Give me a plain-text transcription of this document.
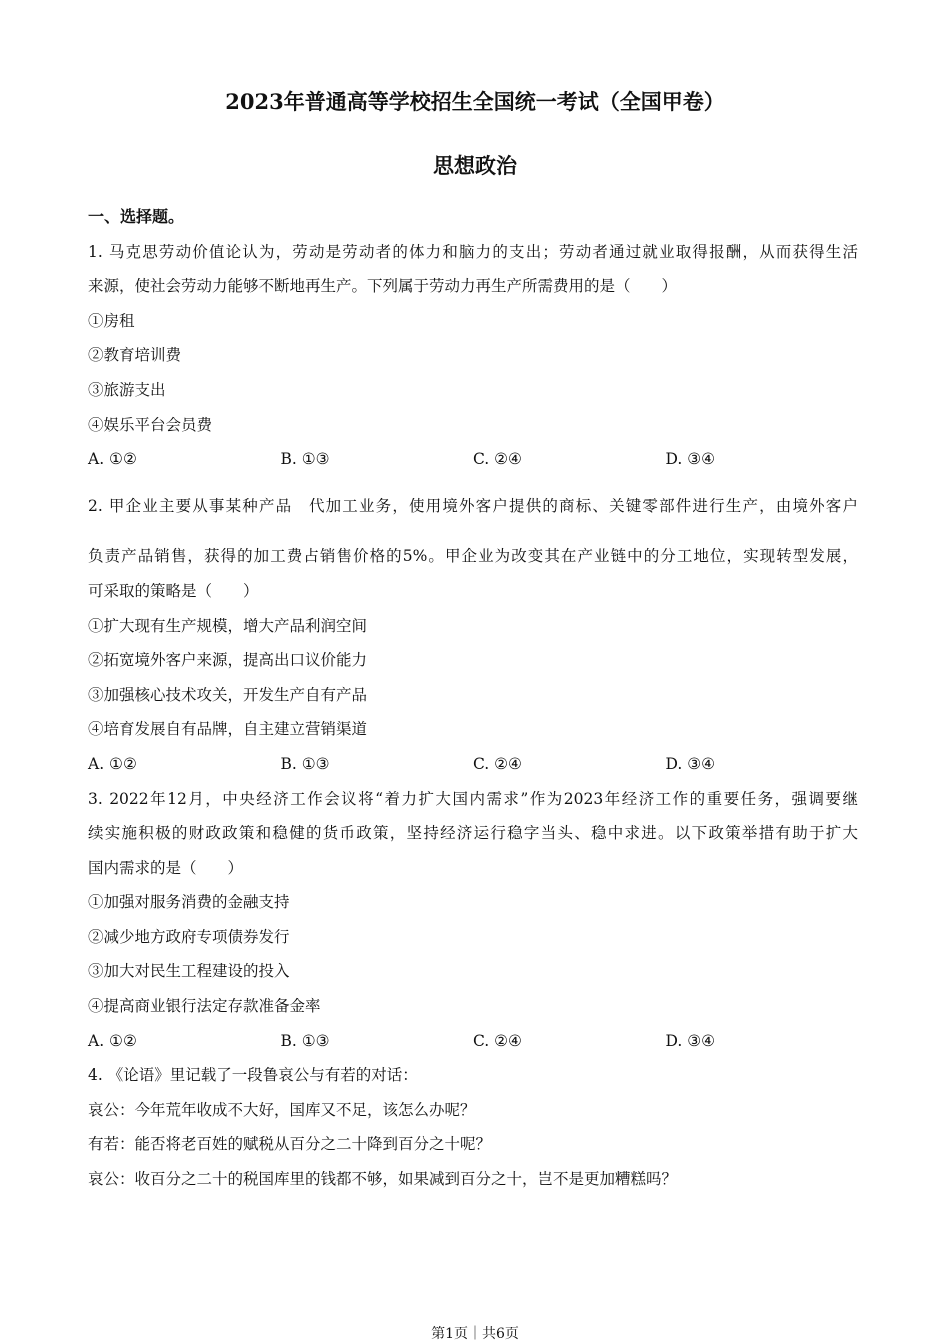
2023年普通高等学校招生全国统一考试（全国甲卷）
思想政治
一、选择题。
1. 马克思劳动价值论认为，劳动是劳动者的体力和脑力的支出；劳动者通过就业取得报酬，从而获得生活
来源，使社会劳动力能够不断地再生产。下列属于劳动力再生产所需费用的是（　　）
①房租
②教育培训费
③旅游支出
④娱乐平台会员费
A. ①②	B. ①③	C. ②④	D. ③④
2. 甲企业主要从事某种产品　代加工业务，使用境外客户提供的商标、关键零部件进行生产，由境外客户
负责产品销售，获得的加工费占销售价格的5%。甲企业为改变其在产业链中的分工地位，实现转型发展，
可采取的策略是（　　）
①扩大现有生产规模，增大产品利润空间
②拓宽境外客户来源，提高出口议价能力
③加强核心技术攻关，开发生产自有产品
④培育发展自有品牌，自主建立营销渠道
A. ①②	B. ①③	C. ②④	D. ③④
3. 2022年12月，中央经济工作会议将“着力扩大国内需求”作为2023年经济工作的重要任务，强调要继
续实施积极的财政政策和稳健的货币政策，坚持经济运行稳字当头、稳中求进。以下政策举措有助于扩大
国内需求的是（　　）
①加强对服务消费的金融支持
②减少地方政府专项债券发行
③加大对民生工程建设的投入
④提高商业银行法定存款准备金率
A. ①②	B. ①③	C. ②④	D. ③④
4. 《论语》里记载了一段鲁哀公与有若的对话：
哀公：今年荒年收成不大好，国库又不足，该怎么办呢？
有若：能否将老百姓的赋税从百分之二十降到百分之十呢？
哀公：收百分之二十的税国库里的钱都不够，如果减到百分之十，岂不是更加糟糕吗？
第1页｜共6页
